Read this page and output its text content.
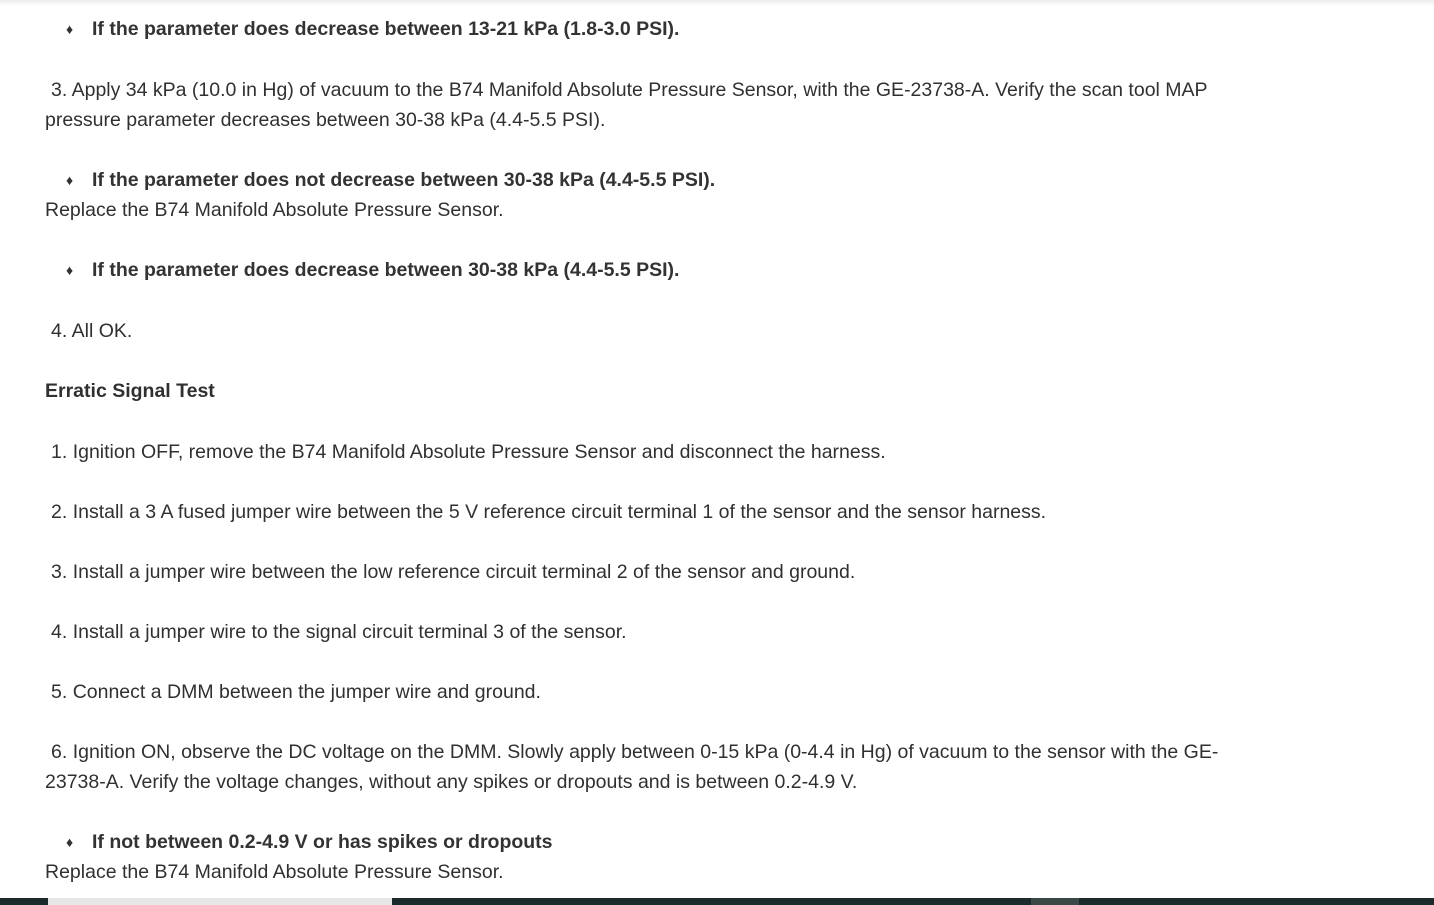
♦ If the parameter does decrease between 13-21 kPa (1.8-3.0 PSI).
3. Apply 34 kPa (10.0 in Hg) of vacuum to the B74 Manifold Absolute Pressure Sensor, with the GE-23738-A. Verify the scan tool MAP pressure parameter decreases between 30-38 kPa (4.4-5.5 PSI).
♦ If the parameter does not decrease between 30-38 kPa (4.4-5.5 PSI).
Replace the B74 Manifold Absolute Pressure Sensor.
♦ If the parameter does decrease between 30-38 kPa (4.4-5.5 PSI).
4. All OK.
Erratic Signal Test
1. Ignition OFF, remove the B74 Manifold Absolute Pressure Sensor and disconnect the harness.
2. Install a 3 A fused jumper wire between the 5 V reference circuit terminal 1 of the sensor and the sensor harness.
3. Install a jumper wire between the low reference circuit terminal 2 of the sensor and ground.
4. Install a jumper wire to the signal circuit terminal 3 of the sensor.
5. Connect a DMM between the jumper wire and ground.
6. Ignition ON, observe the DC voltage on the DMM. Slowly apply between 0-15 kPa (0-4.4 in Hg) of vacuum to the sensor with the GE-23738-A. Verify the voltage changes, without any spikes or dropouts and is between 0.2-4.9 V.
♦ If not between 0.2-4.9 V or has spikes or dropouts
Replace the B74 Manifold Absolute Pressure Sensor.
